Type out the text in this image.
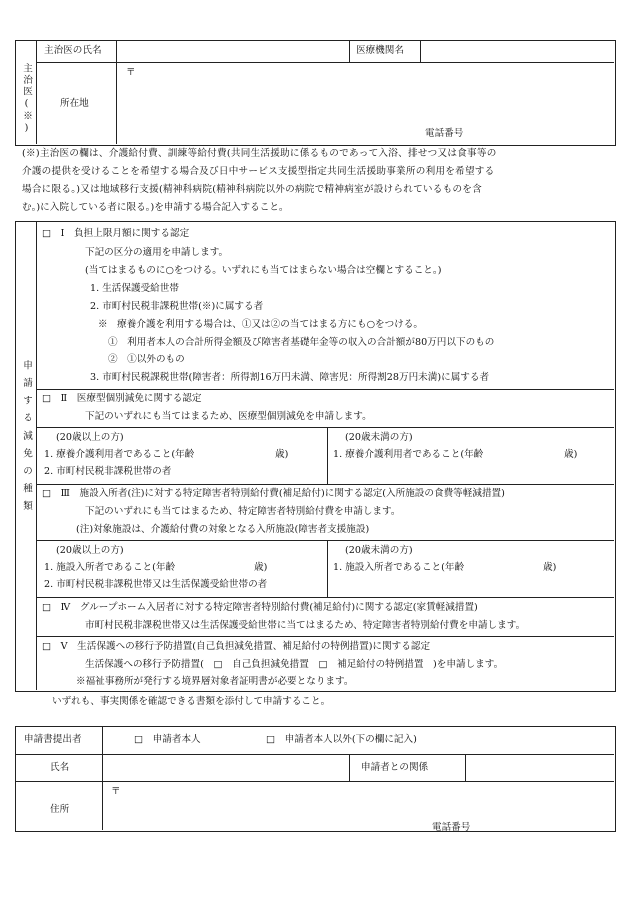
主治医(※)
主治医の氏名	医療機関名
所在地
〒
電話番号
(※)主治医の欄は、介護給付費、訓練等給付費(共同生活援助に係るものであって入浴、排せつ又は食事等の
介護の提供を受けることを希望する場合及び日中サービス支援型指定共同生活援助事業所の利用を希望する
場合に限る。)又は地域移行支援(精神科病院(精神科病院以外の病院で精神病室が設けられているものを含
む。)に入院している者に限る。)を申請する場合記入すること。
申請する減免の種類
□　Ⅰ　負担上限月額に関する認定
下記の区分の適用を申請します。
(当てはまるものに○をつける。いずれにも当てはまらない場合は空欄とすること。)
1. 生活保護受給世帯
2. 市町村民税非課税世帯(※)に属する者
※　療養介護を利用する場合は、①又は②の当てはまる方にも○をつける。
①　利用者本人の合計所得金額及び障害者基礎年金等の収入の合計額が80万円以下のもの
②　①以外のもの
3. 市町村民税課税世帯(障害者：所得割16万円未満、障害児：所得割28万円未満)に属する者
□　Ⅱ　医療型個別減免に関する認定
下記のいずれにも当てはまるため、医療型個別減免を申請します。
(20歳以上の方)
1. 療養介護利用者であること(年齢	歳)
2. 市町村民税非課税世帯の者
(20歳未満の方)
1. 療養介護利用者であること(年齢	歳)
□　Ⅲ　施設入所者(注)に対する特定障害者特別給付費(補足給付)に関する認定(入所施設の食費等軽減措置)
下記のいずれにも当てはまるため、特定障害者特別給付費を申請します。
(注)対象施設は、介護給付費の対象となる入所施設(障害者支援施設)
(20歳以上の方)
1. 施設入所者であること(年齢	歳)
2. 市町村民税非課税世帯又は生活保護受給世帯の者
(20歳未満の方)
1. 施設入所者であること(年齢	歳)
□　Ⅳ　グループホーム入居者に対する特定障害者特別給付費(補足給付)に関する認定(家賃軽減措置)
市町村民税非課税世帯又は生活保護受給世帯に当てはまるため、特定障害者特別給付費を申請します。
□　Ⅴ　生活保護への移行予防措置(自己負担減免措置、補足給付の特例措置)に関する認定
生活保護への移行予防措置(　□　自己負担減免措置　□　補足給付の特例措置　)を申請します。
※福祉事務所が発行する境界層対象者証明書が必要となります。
いずれも、事実関係を確認できる書類を添付して申請すること。
申請書提出者	□　申請者本人	□　申請者本人以外(下の欄に記入)
氏名	申請者との関係
住所
〒
電話番号
